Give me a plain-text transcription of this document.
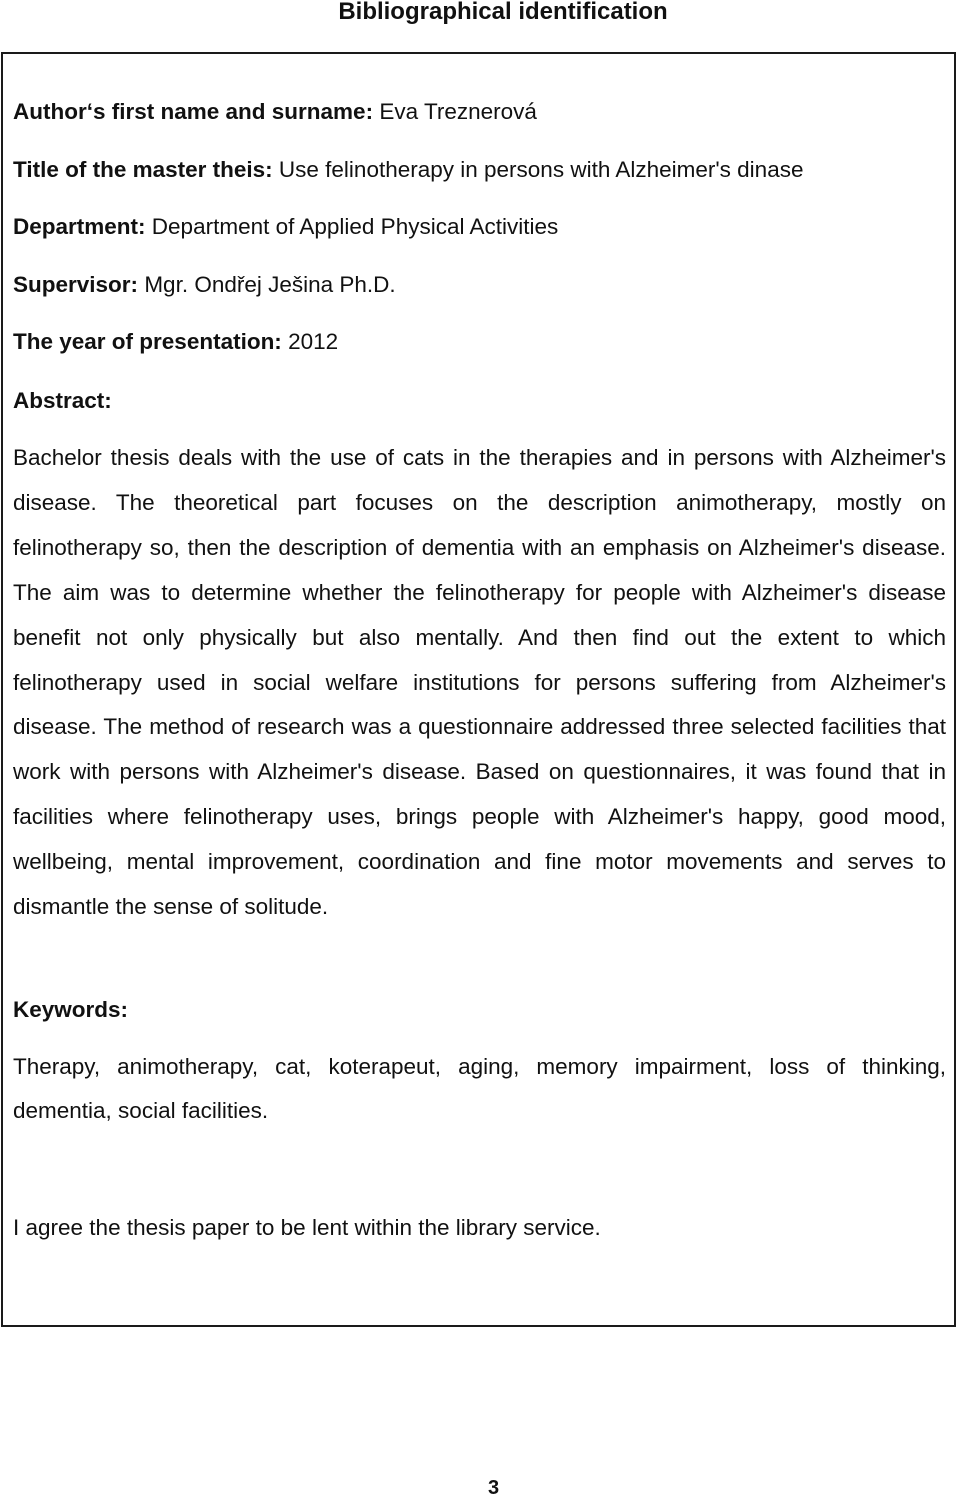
Bibliographical identification
Author‘s first name and surname: Eva Treznerová
Title of the master theis: Use felinotherapy in persons with Alzheimer's dinase
Department: Department of Applied Physical Activities
Supervisor: Mgr. Ondřej Ješina Ph.D.
The year of presentation: 2012
Abstract:
Bachelor thesis deals with the use of cats in the therapies and in persons with Alzheimer's disease. The theoretical part focuses on the description animotherapy, mostly on felinotherapy so, then the description of dementia with an emphasis on Alzheimer's disease. The aim was to determine whether the felinotherapy for people with Alzheimer's disease benefit not only physically but also mentally. And then find out the extent to which felinotherapy used in social welfare institutions for persons suffering from Alzheimer's disease. The method of research was a questionnaire addressed three selected facilities that work with persons with Alzheimer's disease. Based on questionnaires, it was found that in facilities where felinotherapy uses, brings people with Alzheimer's happy, good mood, wellbeing, mental improvement, coordination and fine motor movements and serves to dismantle the sense of solitude.
Keywords:
Therapy, animotherapy, cat, koterapeut, aging, memory impairment, loss of thinking, dementia, social facilities.
I agree the thesis paper to be lent within the library service.
3
